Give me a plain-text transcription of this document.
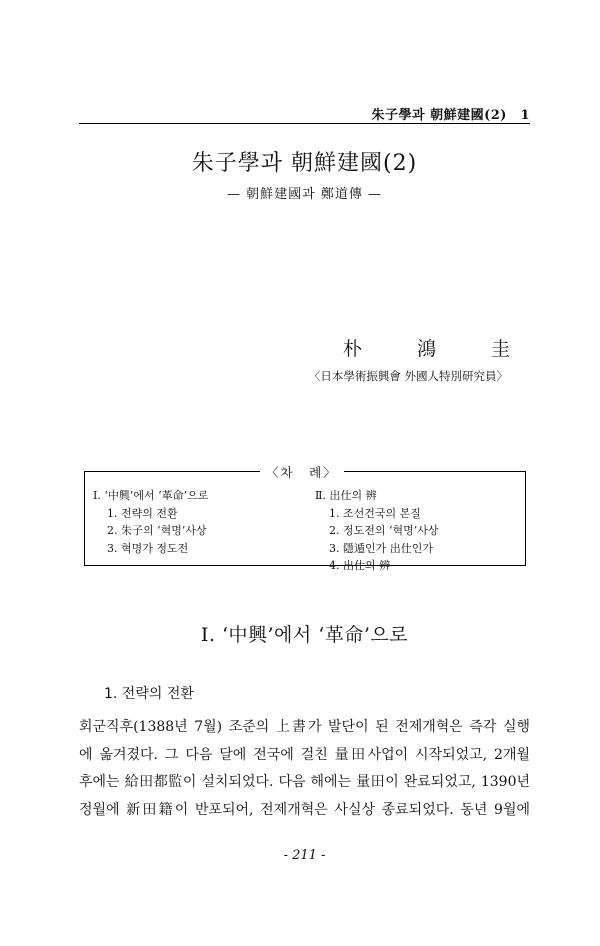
朱子學과 朝鮮建國(2)　1
朱子學과 朝鮮建國(2)
— 朝鮮建國과 鄭道傳 —
朴鴻圭
〈日本學術振興會 外國人特別研究員〉
〈차　례〉
Ⅰ. ‘中興’에서 ‘革命’으로
1. 전략의 전환
2. 朱子의 ‘혁명’사상
3. 혁명가 정도전
Ⅱ. 出仕의 辨
1. 조선건국의 본질
2. 정도전의 ‘혁명’사상
3. 隱遁인가 出仕인가
4. 出仕의 辨
Ⅰ. ‘中興’에서 ‘革命’으로
1. 전략의 전환
회군직후(1388년 7월) 조준의 上書가 발단이 된 전제개혁은 즉각 실행
에 옮겨졌다. 그 다음 달에 전국에 걸친 量田사업이 시작되었고, 2개월
후에는 給田都監이 설치되었다. 다음 해에는 量田이 완료되었고, 1390년
정월에 新田籍이 반포되어, 전제개혁은 사실상 종료되었다. 동년 9월에
- 211 -
